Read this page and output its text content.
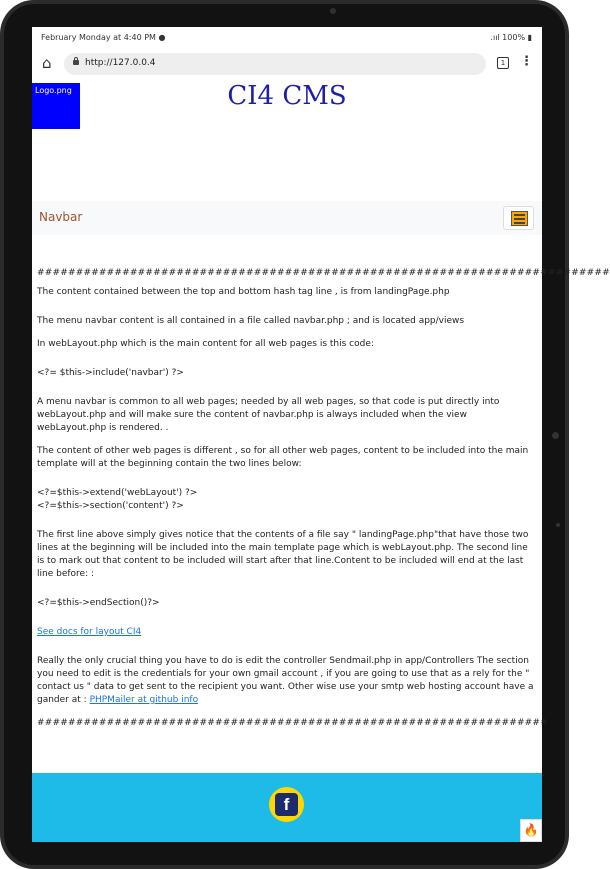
February Monday at 4:40 PM ●	.ııl 100% ▮
⌂	http://127.0.0.4	1 ⋮
Logo.png	CI4 CMS
Navbar

##########################################################################

The content contained between the top and bottom hash tag line , is from landingPage.php

The menu navbar content is all contained in a file called navbar.php ; and is located app/views

In webLayout.php which is the main content for all web pages is this code:

<?= $this->include('navbar') ?>

A menu navbar is common to all web pages; needed by all web pages, so that code is put directly into webLayout.php and will make sure the content of navbar.php is always included when the view webLayout.php is rendered. .

The content of other web pages is different , so for all other web pages, content to be included into the main template will at the beginning contain the two lines below:

<?=$this->extend('webLayout') ?>

<?=$this->section('content') ?>

The first line above simply gives notice that the contents of a file say " landingPage.php"that have those two lines at the beginning will be included into the main template page which is webLayout.php. The second line is to mark out that content to be included will start after that line.Content to be included will end at the last line before: :

<?=$this->endSection()?>

See docs for layout CI4

Really the only crucial thing you have to do is edit the controller Sendmail.php in app/Controllers The section you need to edit is the credentials for your own gmail account , if you are going to use that as a rely for the " contact us " data to get sent to the recipient you want. Other wise use your smtp web hosting account have a gander at : PHPMailer at github info

##################################################################

f
🔥
